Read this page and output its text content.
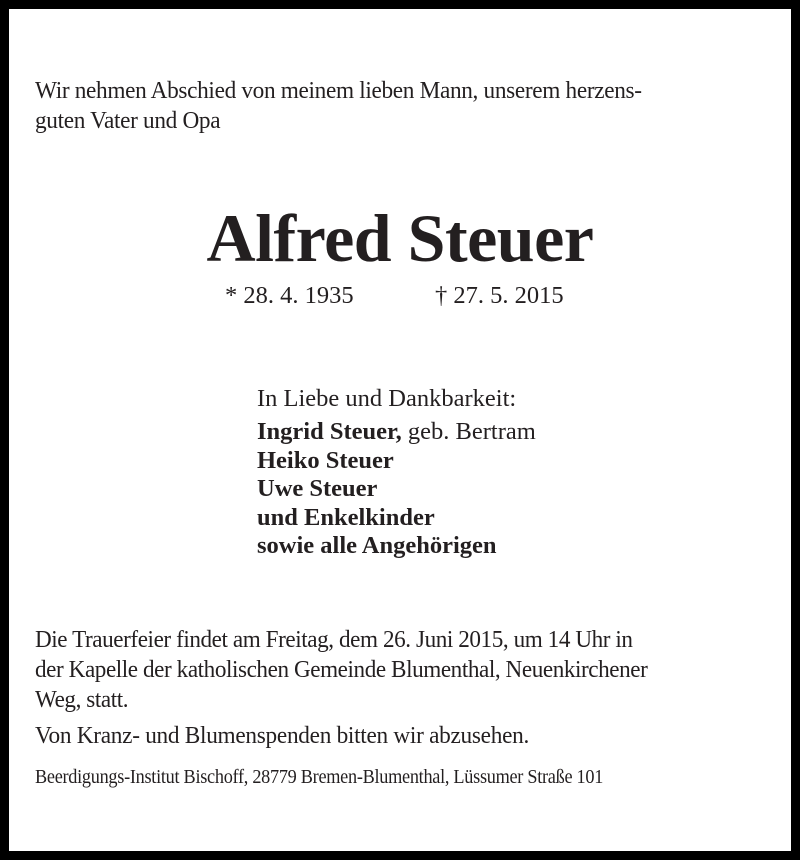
Wir nehmen Abschied von meinem lieben Mann, unserem herzens-
guten Vater und Opa
Alfred Steuer
* 28. 4. 1935	† 27. 5. 2015
In Liebe und Dankbarkeit:
Ingrid Steuer, geb. Bertram
Heiko Steuer
Uwe Steuer
und Enkelkinder
sowie alle Angehörigen
Die Trauerfeier findet am Freitag, dem 26. Juni 2015, um 14 Uhr in
der Kapelle der katholischen Gemeinde Blumenthal, Neuenkirchener
Weg, statt.
Von Kranz- und Blumenspenden bitten wir abzusehen.
Beerdigungs-Institut Bischoff, 28779 Bremen-Blumenthal, Lüssumer Straße 101
